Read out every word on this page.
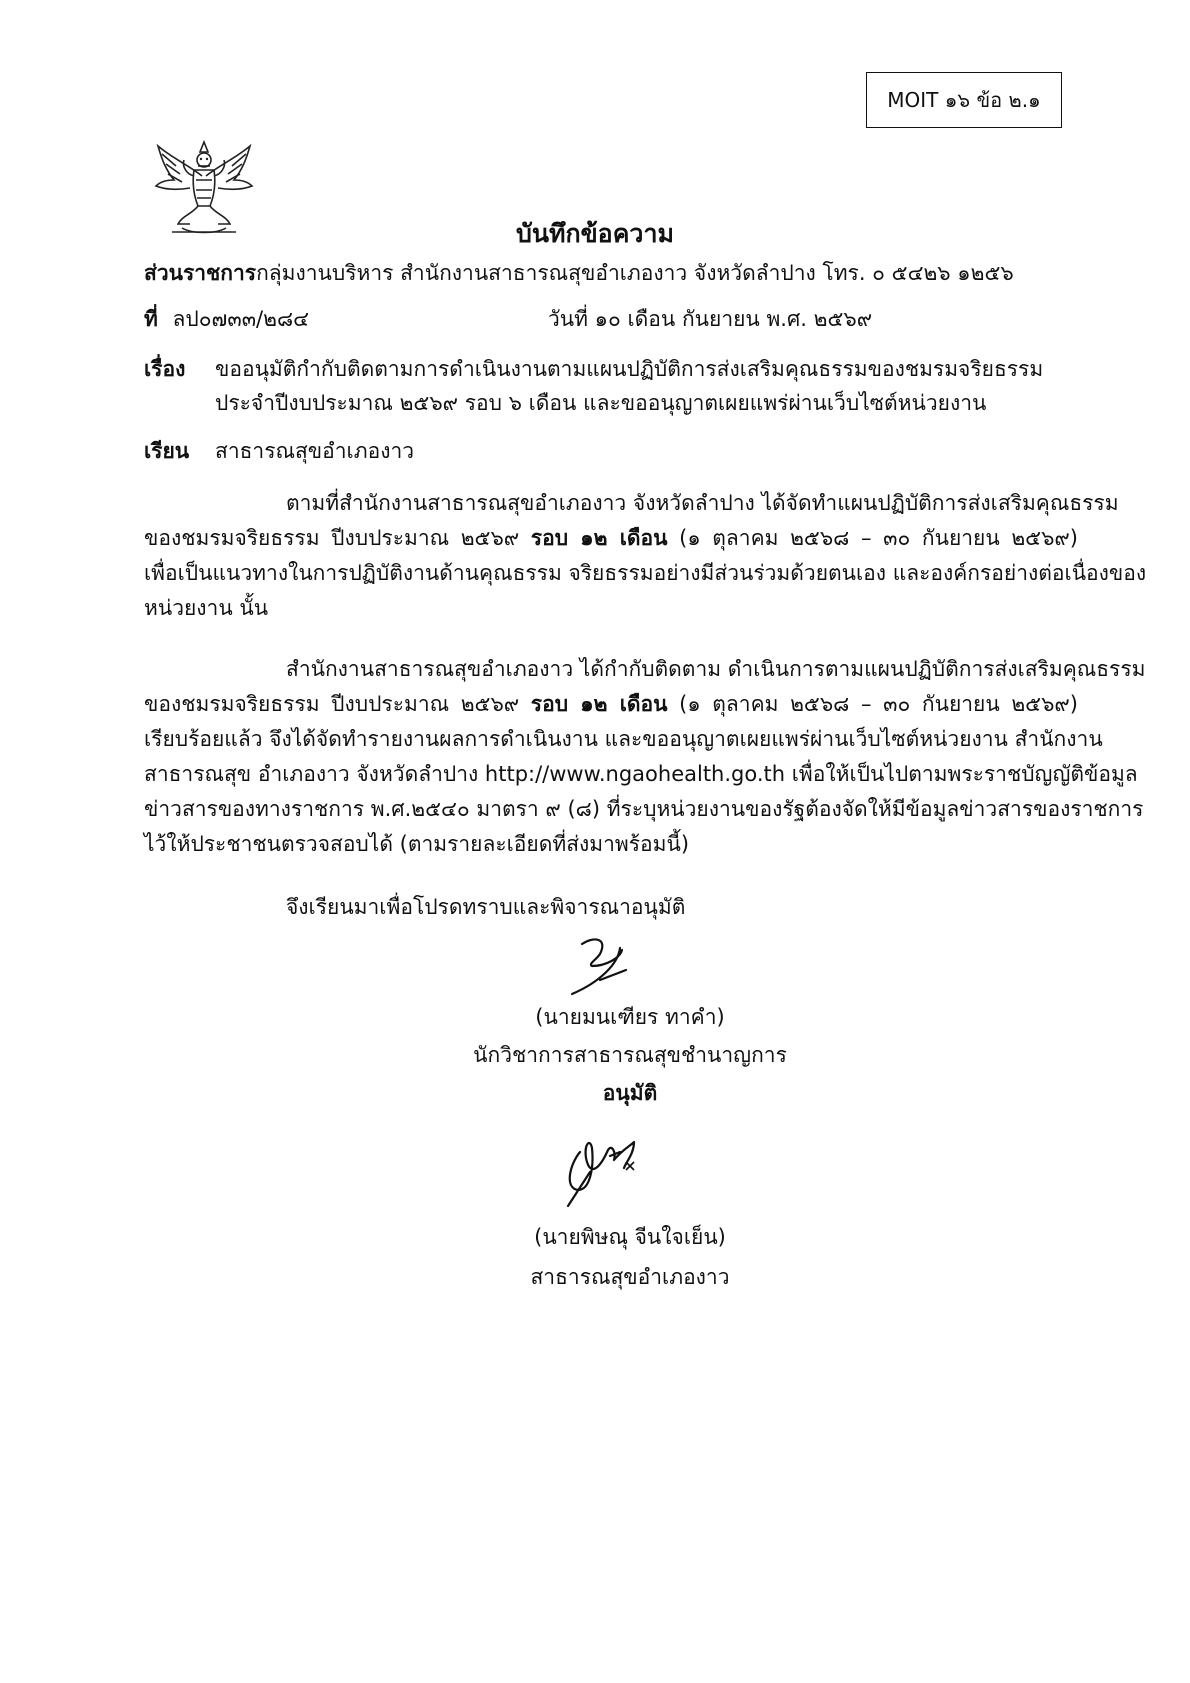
MOIT ๑๖ ข้อ ๒.๑
บันทึกข้อความ
ส่วนราชการกลุ่มงานบริหาร สำนักงานสาธารณสุขอำเภองาว จังหวัดลำปาง โทร. ๐ ๕๔๒๖ ๑๒๕๖
ที่ ลป๐๗๓๓/๒๘๔	วันที่ ๑๐ เดือน กันยายน พ.ศ. ๒๕๖๙
เรื่อง ขออนุมัติกำกับติดตามการดำเนินงานตามแผนปฏิบัติการส่งเสริมคุณธรรมของชมรมจริยธรรม
ประจำปีงบประมาณ ๒๕๖๙ รอบ ๖ เดือน และขออนุญาตเผยแพร่ผ่านเว็บไซต์หน่วยงาน
เรียน สาธารณสุขอำเภองาว
ตามที่สำนักงานสาธารณสุขอำเภองาว จังหวัดลำปาง ได้จัดทำแผนปฏิบัติการส่งเสริมคุณธรรม
ของชมรมจริยธรรม ปีงบประมาณ ๒๕๖๙ รอบ ๑๒ เดือน (๑ ตุลาคม ๒๕๖๘ – ๓๐ กันยายน ๒๕๖๙)
เพื่อเป็นแนวทางในการปฏิบัติงานด้านคุณธรรม จริยธรรมอย่างมีส่วนร่วมด้วยตนเอง และองค์กรอย่างต่อเนื่องของ
หน่วยงาน นั้น
สำนักงานสาธารณสุขอำเภองาว ได้กำกับติดตาม ดำเนินการตามแผนปฏิบัติการส่งเสริมคุณธรรม
ของชมรมจริยธรรม ปีงบประมาณ ๒๕๖๙ รอบ ๑๒ เดือน (๑ ตุลาคม ๒๕๖๘ – ๓๐ กันยายน ๒๕๖๙)
เรียบร้อยแล้ว จึงได้จัดทำรายงานผลการดำเนินงาน และขออนุญาตเผยแพร่ผ่านเว็บไซต์หน่วยงาน สำนักงาน
สาธารณสุข อำเภองาว จังหวัดลำปาง http://www.ngaohealth.go.th เพื่อให้เป็นไปตามพระราชบัญญัติข้อมูล
ข่าวสารของทางราชการ พ.ศ.๒๕๔๐ มาตรา ๙ (๘) ที่ระบุหน่วยงานของรัฐต้องจัดให้มีข้อมูลข่าวสารของราชการ
ไว้ให้ประชาชนตรวจสอบได้ (ตามรายละเอียดที่ส่งมาพร้อมนี้)
จึงเรียนมาเพื่อโปรดทราบและพิจารณาอนุมัติ
(นายมนเฑียร ทาคำ)
นักวิชาการสาธารณสุขชำนาญการ
อนุมัติ
(นายพิษณุ จีนใจเย็น)
สาธารณสุขอำเภองาว
